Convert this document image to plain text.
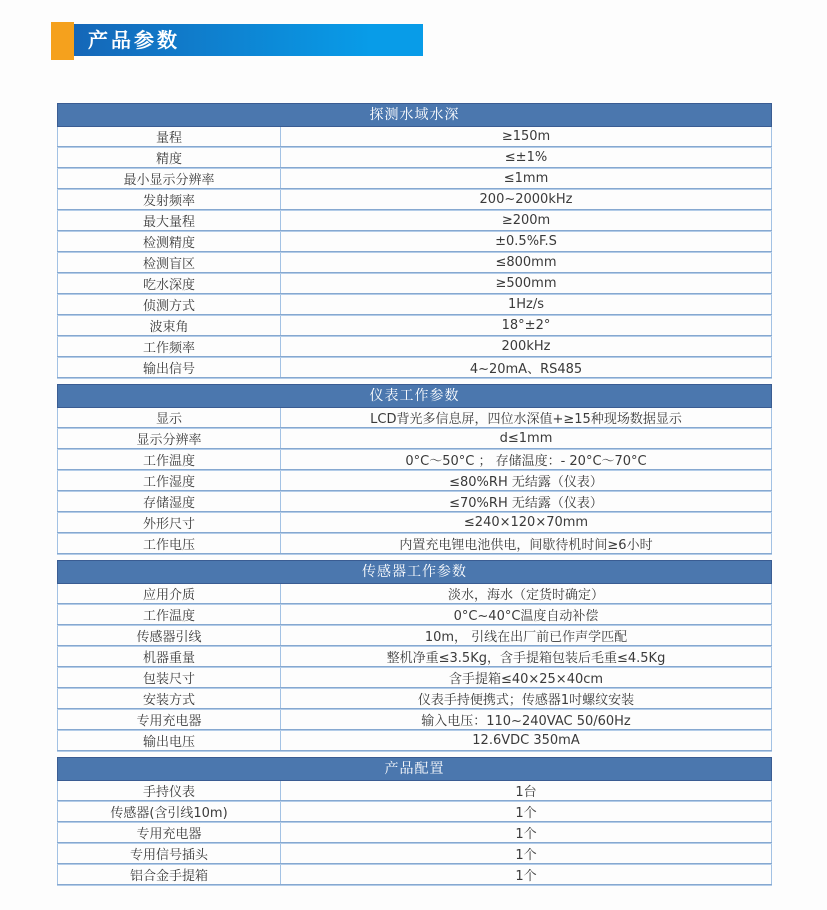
产品参数
探测水域水深
量程	≥150m
精度	≤±1%
最小显示分辨率	≤1mm
发射频率	200~2000kHz
最大量程	≥200m
检测精度	±0.5%F.S
检测盲区	≤800mm
吃水深度	≥500mm
侦测方式	1Hz/s
波束角	18°±2°
工作频率	200kHz
输出信号	4~20mA、RS485
仪表工作参数
显示	LCD背光多信息屏，四位水深值+≥15种现场数据显示
显示分辨率	d≤1mm
工作温度	0°C～50°C ； 存储温度：- 20°C～70°C
工作湿度	≤80%RH 无结露（仪表）
存储湿度	≤70%RH 无结露（仪表）
外形尺寸	≤240×120×70mm
工作电压	内置充电锂电池供电，间歇待机时间≥6小时
传感器工作参数
应用介质	淡水，海水（定货时确定）
工作温度	0°C~40°C温度自动补偿
传感器引线	10m， 引线在出厂前已作声学匹配
机器重量	整机净重≤3.5Kg，含手提箱包装后毛重≤4.5Kg
包装尺寸	含手提箱≤40×25×40cm
安装方式	仪表手持便携式；传感器1吋螺纹安装
专用充电器	输入电压：110~240VAC 50/60Hz
输出电压	12.6VDC 350mA
产品配置
手持仪表	1台
传感器(含引线10m)	1个
专用充电器	1个
专用信号插头	1个
铝合金手提箱	1个
